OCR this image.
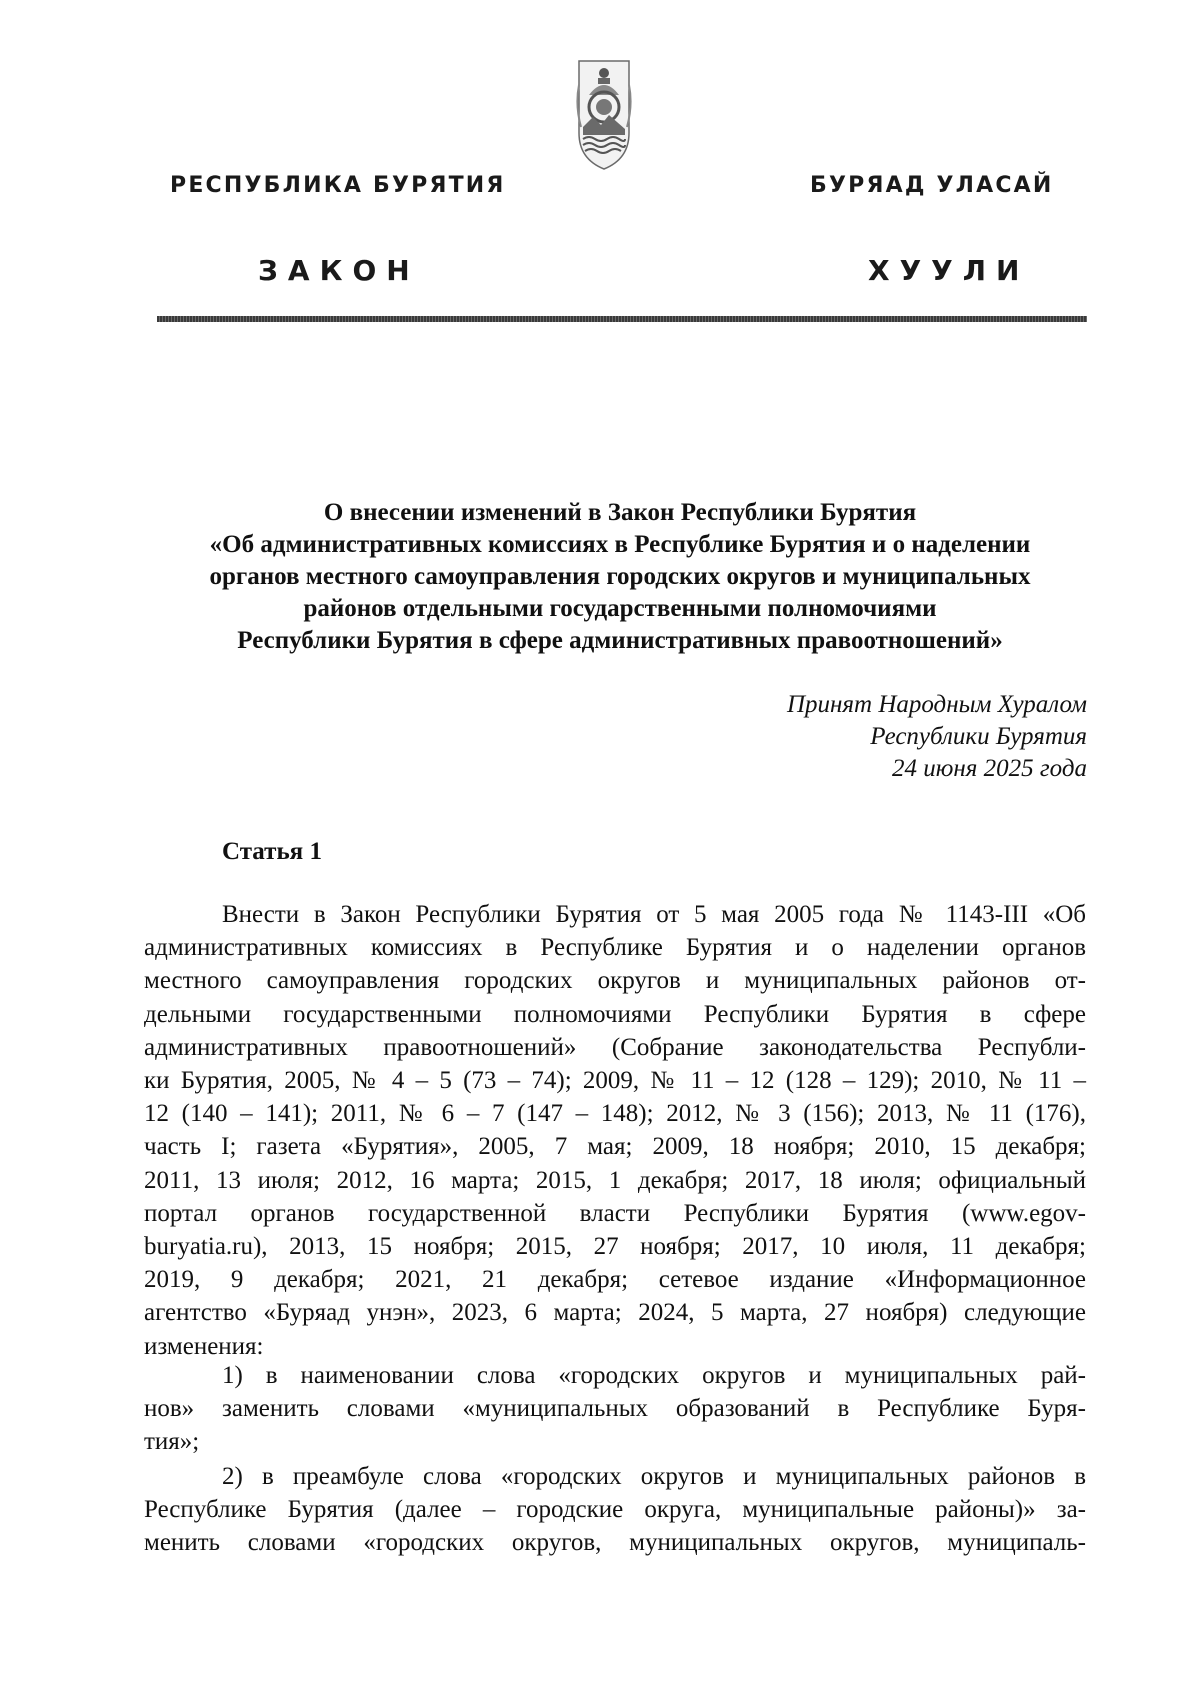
РЕСПУБЛИКА БУРЯТИЯ	БУРЯАД УЛАСАЙ
ЗАКОН	ХУУЛИ
О внесении изменений в Закон Республики Бурятия
«Об административных комиссиях в Республике Бурятия и о наделении
органов местного самоуправления городских округов и муниципальных
районов отдельными государственными полномочиями
Республики Бурятия в сфере административных правоотношений»
Принят Народным Хуралом
Республики Бурятия
24 июня 2025 года
Статья 1
Внести в Закон Республики Бурятия от 5 мая 2005 года № 1143-III «Об
административных комиссиях в Республике Бурятия и о наделении органов
местного самоуправления городских округов и муниципальных районов от-
дельными государственными полномочиями Республики Бурятия в сфере
административных правоотношений» (Собрание законодательства Республи-
ки Бурятия, 2005, № 4 – 5 (73 – 74); 2009, № 11 – 12 (128 – 129); 2010, № 11 –
12 (140 – 141); 2011, № 6 – 7 (147 – 148); 2012, № 3 (156); 2013, № 11 (176),
часть I; газета «Бурятия», 2005, 7 мая; 2009, 18 ноября; 2010, 15 декабря;
2011, 13 июля; 2012, 16 марта; 2015, 1 декабря; 2017, 18 июля; официальный
портал органов государственной власти Республики Бурятия (www.egov-
buryatia.ru), 2013, 15 ноября; 2015, 27 ноября; 2017, 10 июля, 11 декабря;
2019, 9 декабря; 2021, 21 декабря; сетевое издание «Информационное
агентство «Буряад унэн», 2023, 6 марта; 2024, 5 марта, 27 ноября) следующие
изменения:
1) в наименовании слова «городских округов и муниципальных рай-
нов» заменить словами «муниципальных образований в Республике Буря-
тия»;
2) в преамбуле слова «городских округов и муниципальных районов в
Республике Бурятия (далее – городские округа, муниципальные районы)» за-
менить словами «городских округов, муниципальных округов, муниципаль-
